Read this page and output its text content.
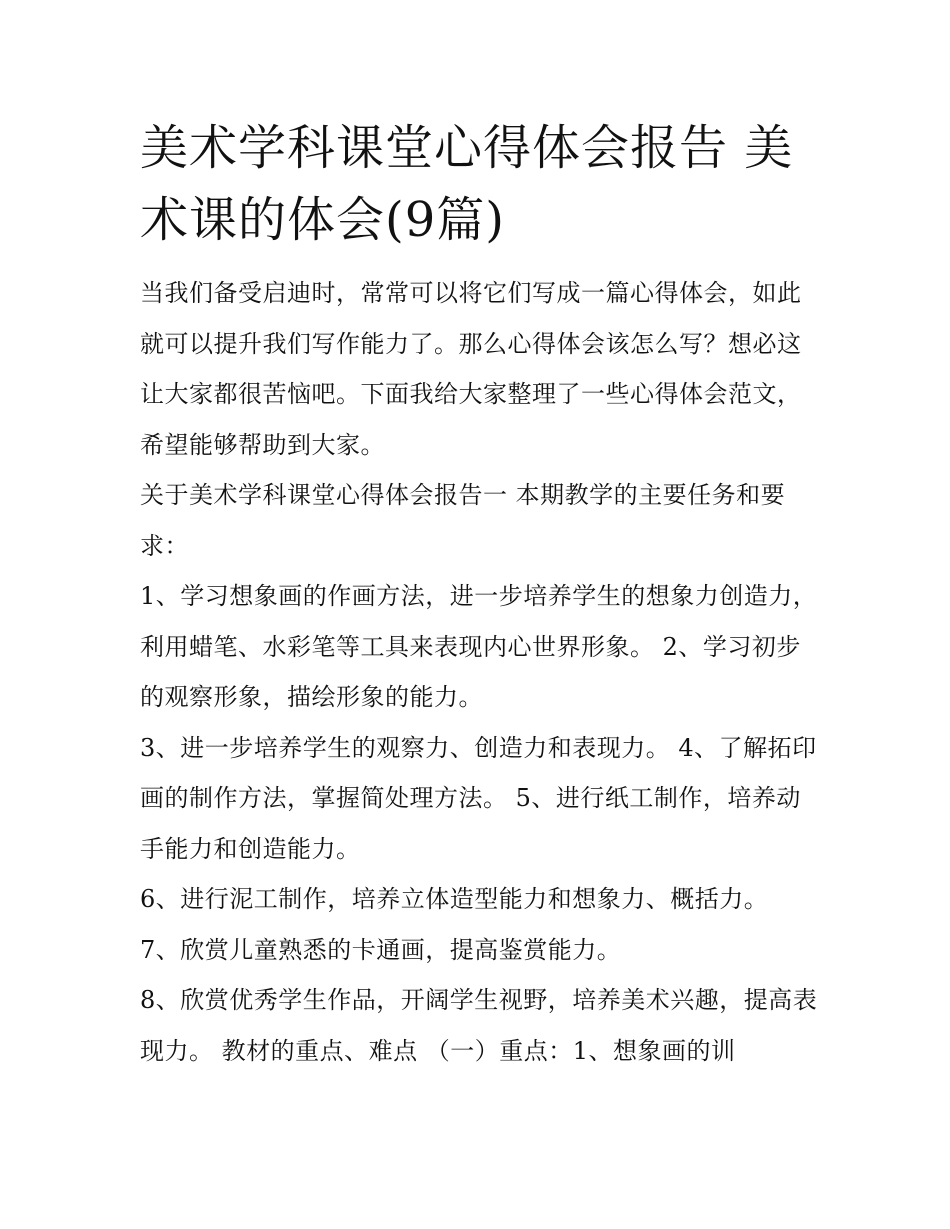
美术学科课堂心得体会报告 美术课的体会(9篇)

当我们备受启迪时，常常可以将它们写成一篇心得体会，如此就可以提升我们写作能力了。那么心得体会该怎么写？想必这让大家都很苦恼吧。下面我给大家整理了一些心得体会范文，希望能够帮助到大家。

关于美术学科课堂心得体会报告一 本期教学的主要任务和要求：

1、学习想象画的作画方法，进一步培养学生的想象力创造力，利用蜡笔、水彩笔等工具来表现内心世界形象。 2、学习初步的观察形象，描绘形象的能力。

3、进一步培养学生的观察力、创造力和表现力。 4、了解拓印画的制作方法，掌握简处理方法。 5、进行纸工制作，培养动手能力和创造能力。

6、进行泥工制作，培养立体造型能力和想象力、概括力。

7、欣赏儿童熟悉的卡通画，提高鉴赏能力。

8、欣赏优秀学生作品，开阔学生视野，培养美术兴趣，提高表现力。 教材的重点、难点 （一）重点：1、想象画的训
